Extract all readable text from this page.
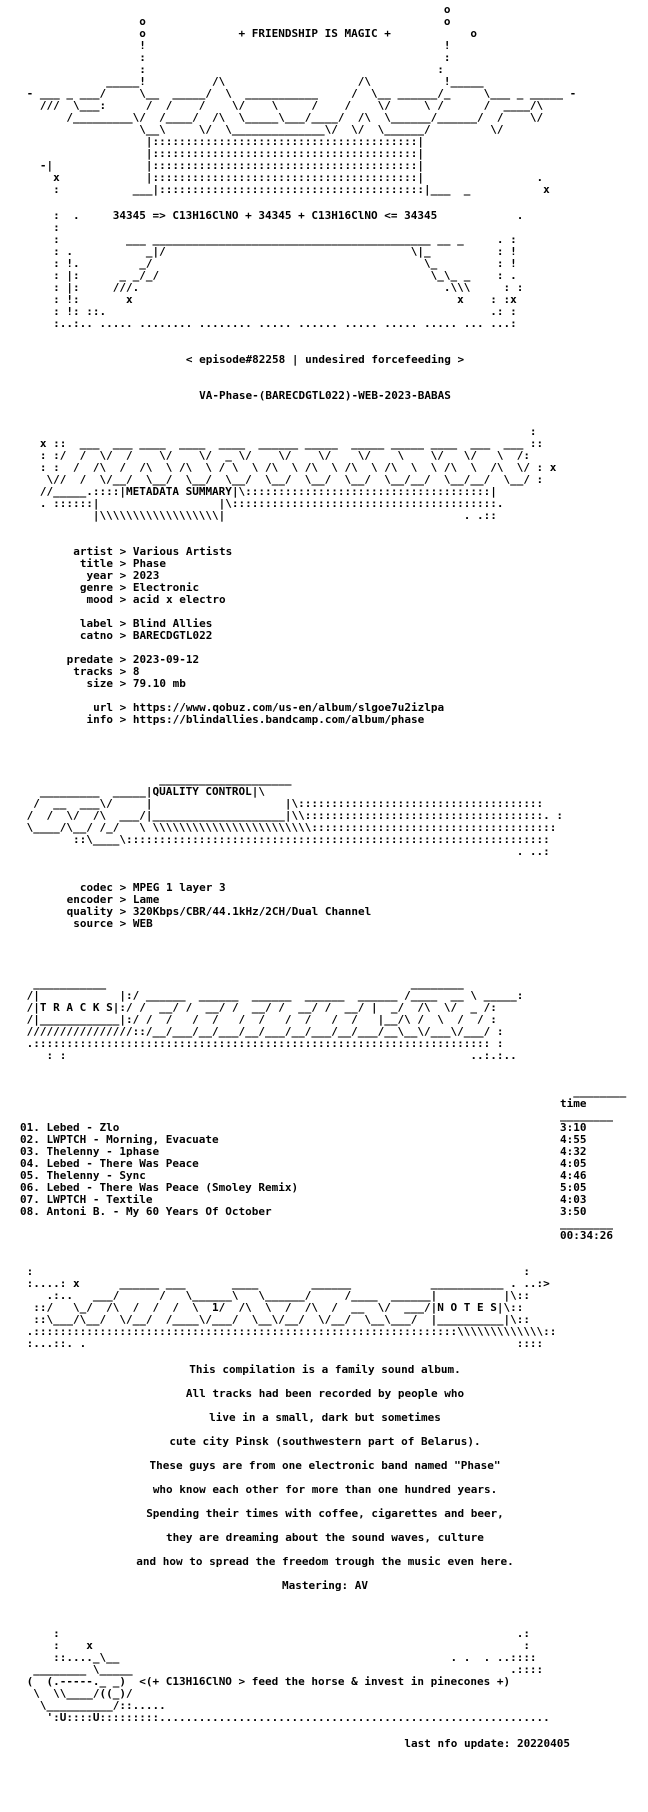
o
o                                             o
o	+ FRIENDSHIP IS MAGIC +	o
!                                             !
:                                             :
:                                            :
_____!          /\                    /\           !_____
- ___ _ ___/     \__  _____/  \  ___________     /  \__ ______/_     \___ _ _____ -
///  \___:      /  /    /    \/    \     /    /    \/     \ /      /  ____/\
/_________\/  /____/  /\  \_____\___/____/  /\  \______/______/  /    \/
\__\     \/  \______________\/  \/  \______/         \/
|::::::::::::::::::::::::::::::::::::::::|
|::::::::::::::::::::::::::::::::::::::::|
-|              |::::::::::::::::::::::::::::::::::::::::|
x             |::::::::::::::::::::::::::::::::::::::::|                 .
:           ___|::::::::::::::::::::::::::::::::::::::::|___  _           x
:  .     34345 => C13H16ClNO + 34345 + C13H16ClNO <= 34345            .
:
:          ___ __________________________________________ __ _     . :
: .           _|/                                     \|_          : !
: !.         _/                                         \_         : !
: |:      _ _/_/                                         \_\_ _    : .
: |:     ///.                                              .\\\     : :
: !:       x                                                 x    : :x
: !: ::.                                                          .: :
:..:.. ..... ........ ........ ..... ...... ..... ..... ..... ... ...:
< episode#82258 | undesired forcefeeding >
VA-Phase-(BARECDGTL022)-WEB-2023-BABAS
:
x ::  ___  ___ ____  ____  ____  ______ _____  _____ _____ ____  ___  ___ ::
: :/  /  \/  /    \/    \/  _ \/    \/    \/    \/    \    \/   \/   \  /:
: :  /  /\  /  /\  \ /\  \ / \  \ /\  \ /\  \ /\  \ /\  \  \ /\  \  /\  \/ : x
\//  /  \/__/  \__/  \__/  \__/  \__/  \__/  \__/  \__/__/  \__/__/  \__/ :
//_____.::::|METADATA SUMMARY|\:::::::::::::::::::::::::::::::::::::|
. ::::::|                  |\::::::::::::::::::::::::::::::::::::::::.
|\\\\\\\\\\\\\\\\\\|                                    . .::
artist > Various Artists
title > Phase
year > 2023
genre > Electronic
mood > acid x electro

label > Blind Allies
catno > BARECDGTL022

predate > 2023-09-12
tracks > 8
size > 79.10 mb

url > https://www.qobuz.com/us-en/album/slgoe7u2izlpa
info > https://blindallies.bandcamp.com/album/phase
____________________
_________  _____|QUALITY CONTROL|\
/  __  ___\/     |                    |\:::::::::::::::::::::::::::::::::::::
/  /  \/  /\  ___/|____________________|\\::::::::::::::::::::::::::::::::::::. :
\____/\__/ /_/   \ \\\\\\\\\\\\\\\\\\\\\\\\:::::::::::::::::::::::::::::::::::::
::\____\::::::::::::::::::::::::::::::::::::::::::::::::::::::::::::::::
. ..:
codec > MPEG 1 layer 3
encoder > Lame
quality > 320Kbps/CBR/44.1kHz/2CH/Dual Channel
source > WEB
___________                                              ________
/|            |:/ ______  ______  ______  ______  ______ /____  __ \ _____:
/|T R A C K S|:/ /  __/ /  __/ /  __/ /  __/ /  __/ |  _/  /\  \/  _ /:
/|____________|:/ /  /   /  /   /  /   /  /   /  /   |__/\ /  \  /  / :
////////////////::/__/___/__/___/__/___/__/___/__/___/__\__\/___\/___/ :
.::::::::::::::::::::::::::::::::::::::::::::::::::::::::::::::::::::: :
: :                                                             ..:.:..
________
time
________
01. Lebed - Zlo	3:10
02. LWPTCH - Morning, Evacuate	4:55
03. Thelenny - 1phase	4:32
04. Lebed - There Was Peace	4:05
05. Thelenny - Sync	4:46
06. Lebed - There Was Peace (Smoley Remix)	5:05
07. LWPTCH - Textile	4:03
08. Antoni B. - My 60 Years Of October	3:50
________
00:34:26
:                                                                          :
:....: x      ______ ___       ____        ______            ___________ . ..:>
.:..   ___/      /   \______\   \______/     /____  ______|          |\::
::/   \_/  /\  /  /  /  \  1/  /\  \  /  /\  /  __  \/  ___/|N O T E S|\::
::\___/\__/  \/__/  /____\/___/  \__\/__/  \/__/  \__\___/  |__________|\::
.::::::::::::::::::::::::::::::::::::::::::::::::::::::::::::::::\\\\\\\\\\\\\::
:...::. .                                                                 ::::

This compilation is a family sound album.

All tracks had been recorded by people who

live in a small, dark but sometimes

cute city Pinsk (southwestern part of Belarus).

These guys are from one electronic band named "Phase"

who know each other for more than one hundred years.

Spending their times with coffee, cigarettes and beer,

they are dreaming about the sound waves, culture

and how to spread the freedom trough the music even here.

Mastering: AV

:                                                                     .:
:    x                                                                 :
::...._\__                                                  . .  . ..::::
________ \_____                                                         .::::
(  (.-----._ _)  <(+ C13H16ClNO > feed the horse & invest in pinecones +)
\  \\____/((_)/
\__________/::.....
':U::::U:::::::::...........................................................
last nfo update: 20220405
